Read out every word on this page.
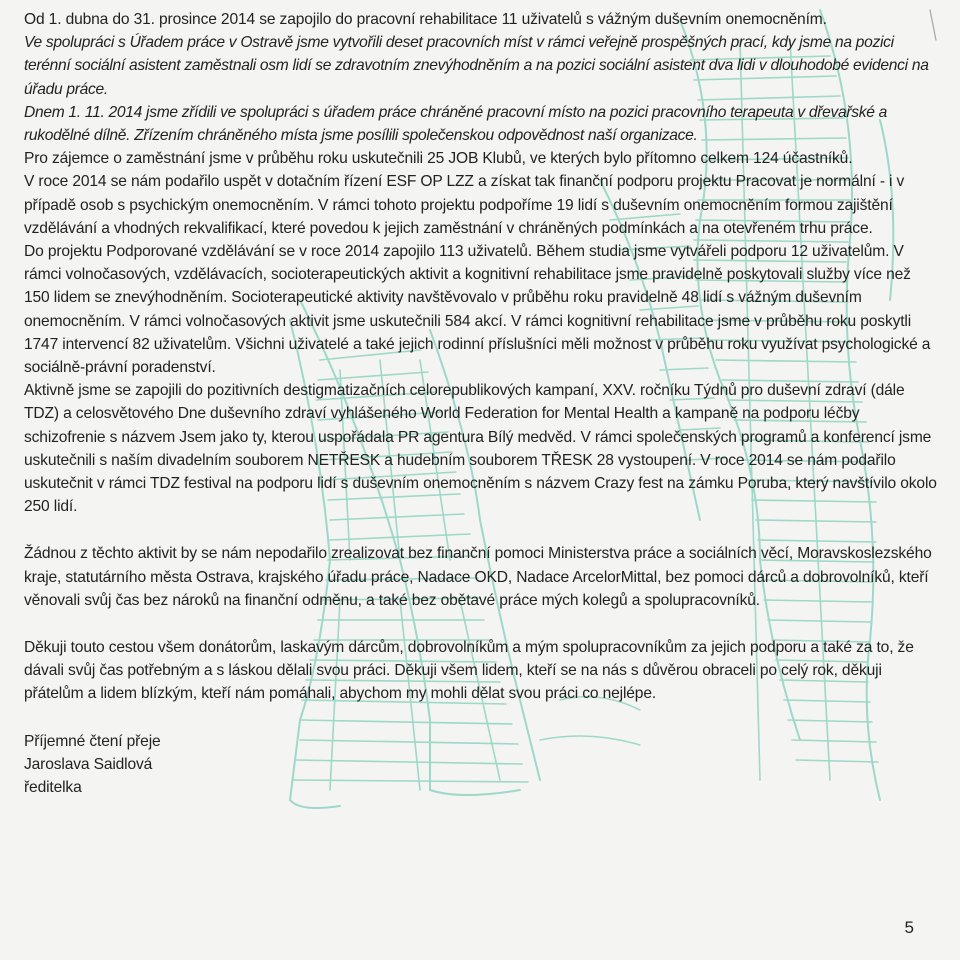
Od 1. dubna do 31. prosince 2014 se zapojilo do pracovní rehabilitace 11 uživatelů s vážným duševním onemocněním.

Ve spolupráci s Úřadem práce v Ostravě jsme vytvořili deset pracovních míst v rámci veřejně prospěšných prací, kdy jsme na pozici terénní sociální asistent zaměstnali osm lidí se zdravotním znevýhodněním a na pozici sociální asistent dva lidi v dlouhodobé evidenci na úřadu práce.

Dnem 1. 11. 2014 jsme zřídili ve spolupráci s úřadem práce chráněné pracovní místo na pozici pracovního terapeuta v dřevařské a rukodělné dílně. Zřízením chráněného místa jsme posílili společenskou odpovědnost naší organizace.

Pro zájemce o zaměstnání jsme v průběhu roku uskutečnili 25 JOB Klubů, ve kterých bylo přítomno celkem 124 účastníků.

V roce 2014 se nám podařilo uspět v dotačním řízení ESF OP LZZ a získat tak finanční podporu projektu Pracovat je normální - i v případě osob s psychickým onemocněním. V rámci tohoto projektu podpoříme 19 lidí s duševním onemocněním formou zajištění vzdělávání a vhodných rekvalifikací, které povedou k jejich zaměstnání v chráněných podmínkách a na otevřeném trhu práce.

Do projektu Podporované vzdělávání se v roce 2014 zapojilo 113 uživatelů. Během studia jsme vytvářeli podporu 12 uživatelům. V rámci volnočasových, vzdělávacích, socioterapeutických aktivit a kognitivní rehabilitace jsme pravidelně poskytovali služby více než 150 lidem se znevýhodněním. Socioterapeutické aktivity navštěvovalo v průběhu roku pravidelně 48 lidí s vážným duševním onemocněním. V rámci volnočasových aktivit jsme uskutečnili 584 akcí. V rámci kognitivní rehabilitace jsme v průběhu roku poskytli 1747 intervencí 82 uživatelům. Všichni uživatelé a také jejich rodinní příslušníci měli možnost v průběhu roku využívat psychologické a sociálně-právní poradenství.

Aktivně jsme se zapojili do pozitivních destigmatizačních celorepublikových kampaní, XXV. ročníku Týdnů pro duševní zdraví (dále TDZ) a celosvětového Dne duševního zdraví vyhlášeného World Federation for Mental Health a kampaně na podporu léčby schizofrenie s názvem Jsem jako ty, kterou uspořádala PR agentura Bílý medvěd. V rámci společenských programů a konferencí jsme uskutečnili s naším divadelním souborem NETŘESK a hudebním souborem TŘESK 28 vystoupení. V roce 2014 se nám podařilo uskutečnit v rámci TDZ festival na podporu lidí s duševním onemocněním s názvem Crazy fest na zámku Poruba, který navštívilo okolo 250 lidí.

Žádnou z těchto aktivit by se nám nepodařilo zrealizovat bez finanční pomoci Ministerstva práce a sociálních věcí, Moravskoslezského kraje, statutárního města Ostrava, krajského úřadu práce, Nadace OKD, Nadace ArcelorMittal, bez pomoci dárců a dobrovolníků, kteří věnovali svůj čas bez nároků na finanční odměnu, a také bez obětavé práce mých kolegů a spolupracovníků.

Děkuji touto cestou všem donátorům, laskavým dárcům, dobrovolníkům a mým spolupracovníkům za jejich podporu a také za to, že dávali svůj čas potřebným a s láskou dělali svou práci. Děkuji všem lidem, kteří se na nás s důvěrou obraceli po celý rok, děkuji přátelům a lidem blízkým, kteří nám pomáhali, abychom my mohli dělat svou práci co nejlépe.

Příjemné čtení přeje

Jaroslava Saidlová

ředitelka

5
